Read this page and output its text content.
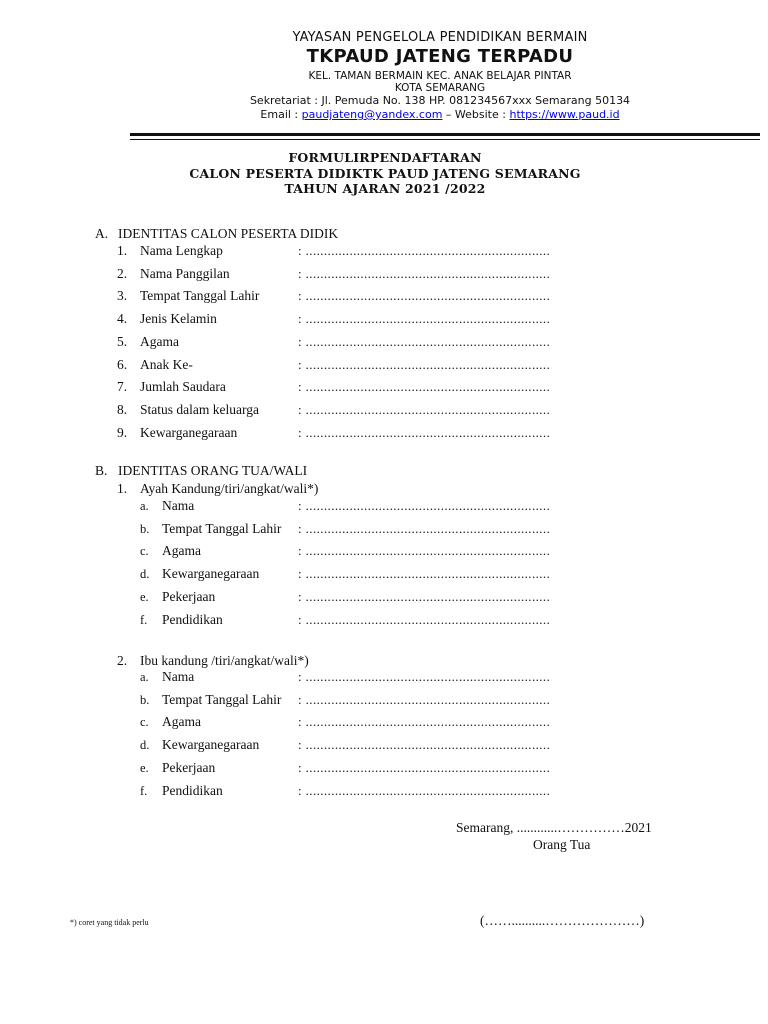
YAYASAN PENGELOLA PENDIDIKAN BERMAIN
TKPAUD JATENG TERPADU
KEL. TAMAN BERMAIN KEC. ANAK BELAJAR PINTAR
KOTA SEMARANG
Sekretariat : Jl. Pemuda No. 138 HP. 081234567xxx Semarang 50134
Email : paudjateng@yandex.com – Website : https://www.paud.id
FORMULIRPENDAFTARAN
CALON PESERTA DIDIKTK PAUD JATENG SEMARANG
TAHUN AJARAN 2021 /2022
A. IDENTITAS CALON PESERTA DIDIK
1. Nama Lengkap	: ...................................................................
2. Nama Panggilan	: ...................................................................
3. Tempat Tanggal Lahir	: ...................................................................
4. Jenis Kelamin	: ...................................................................
5. Agama	: ...................................................................
6. Anak Ke-	: ...................................................................
7. Jumlah Saudara	: ...................................................................
8. Status dalam keluarga	: ...................................................................
9. Kewarganegaraan	: ...................................................................
B. IDENTITAS ORANG TUA/WALI
1. Ayah Kandung/tiri/angkat/wali*)
a. Nama	: ...................................................................
b. Tempat Tanggal Lahir : ...................................................................
c. Agama	: ...................................................................
d. Kewarganegaraan	: ...................................................................
e. Pekerjaan	: ...................................................................
f. Pendidikan	: ...................................................................
2. Ibu kandung /tiri/angkat/wali*)
a. Nama	: ...................................................................
b. Tempat Tanggal Lahir : ...................................................................
c. Agama	: ...................................................................
d. Kewarganegaraan	: ...................................................................
e. Pekerjaan	: ...................................................................
f. Pendidikan	: ...................................................................
Semarang, ............……………2021
Orang Tua
(……..........…………………)
*) coret yang tidak perlu
